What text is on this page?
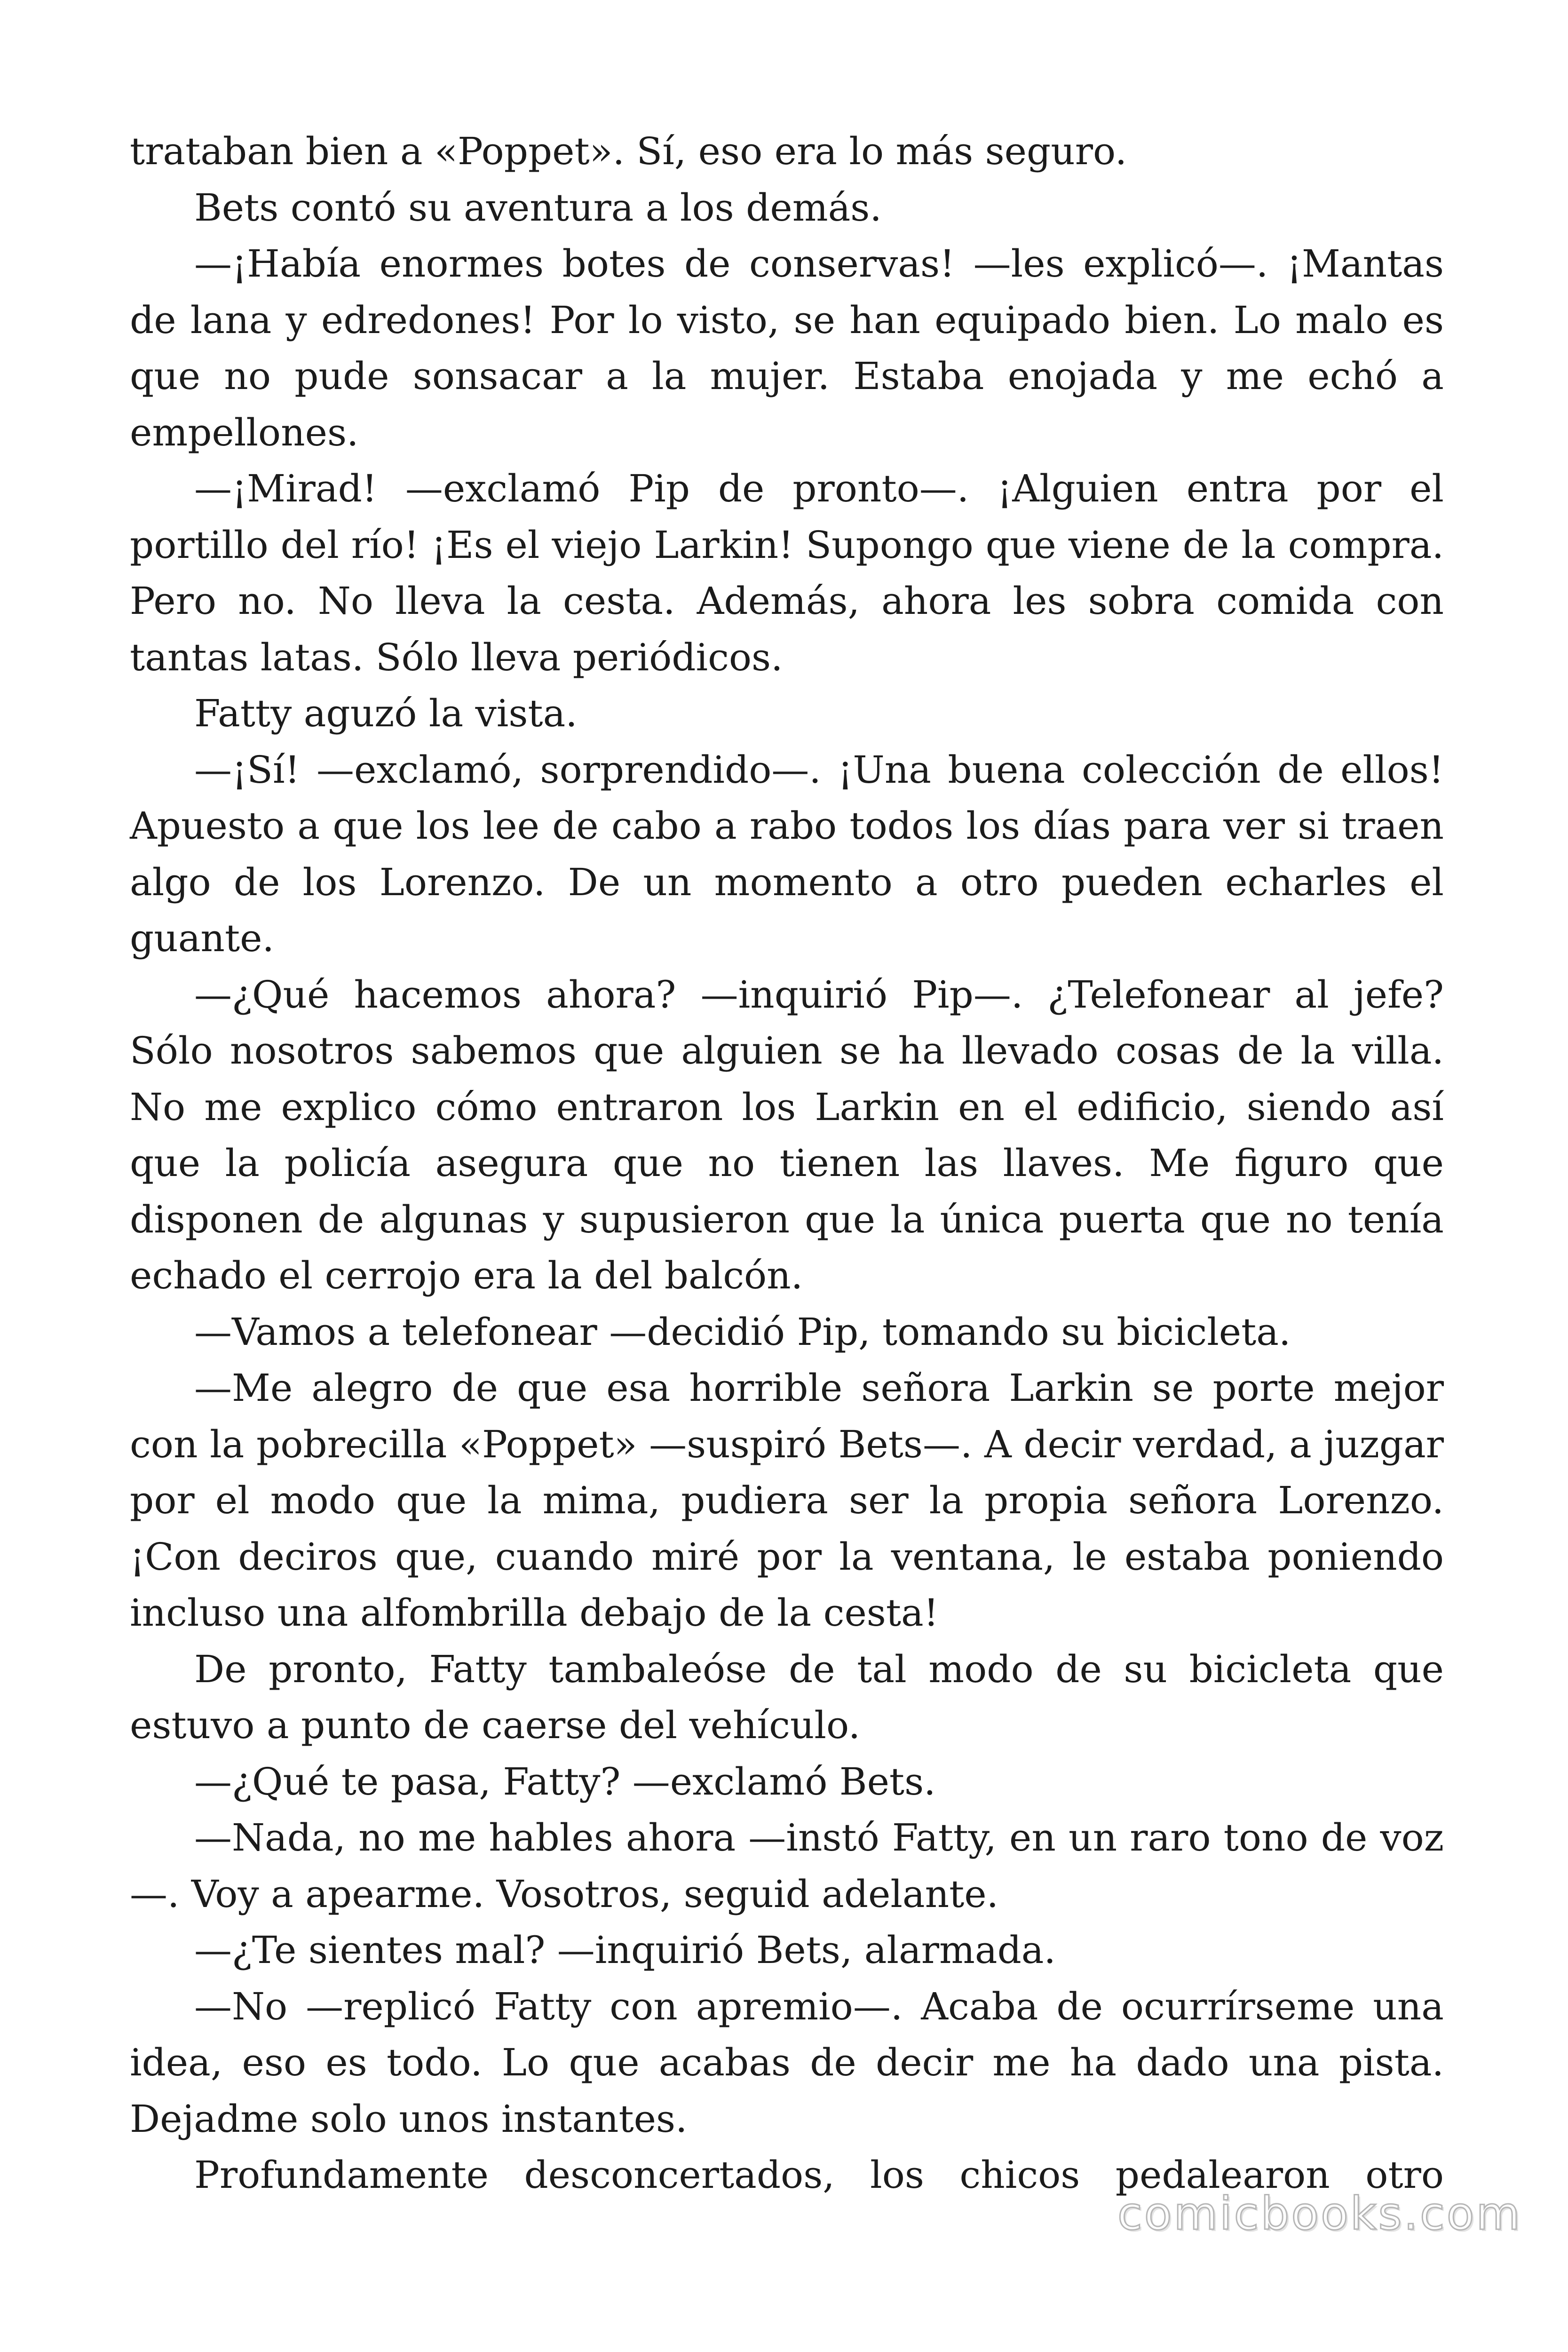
trataban bien a «Poppet». Sí, eso era lo más seguro.

Bets contó su aventura a los demás.

—¡Había enormes botes de conservas! —les explicó—. ¡Mantas de lana y edredones! Por lo visto, se han equipado bien. Lo malo es que no pude sonsacar a la mujer. Estaba enojada y me echó a empellones.

—¡Mirad! —exclamó Pip de pronto—. ¡Alguien entra por el portillo del río! ¡Es el viejo Larkin! Supongo que viene de la compra. Pero no. No lleva la cesta. Además, ahora les sobra comida con tantas latas. Sólo lleva periódicos.

Fatty aguzó la vista.

—¡Sí! —exclamó, sorprendido—. ¡Una buena colección de ellos! Apuesto a que los lee de cabo a rabo todos los días para ver si traen algo de los Lorenzo. De un momento a otro pueden echarles el guante.

—¿Qué hacemos ahora? —inquirió Pip—. ¿Telefonear al jefe? Sólo nosotros sabemos que alguien se ha llevado cosas de la villa. No me explico cómo entraron los Larkin en el edificio, siendo así que la policía asegura que no tienen las llaves. Me figuro que disponen de algunas y supusieron que la única puerta que no tenía echado el cerrojo era la del balcón.

—Vamos a telefonear —decidió Pip, tomando su bicicleta.

—Me alegro de que esa horrible señora Larkin se porte mejor con la pobrecilla «Poppet» —suspiró Bets—. A decir verdad, a juzgar por el modo que la mima, pudiera ser la propia señora Lorenzo. ¡Con deciros que, cuando miré por la ventana, le estaba poniendo incluso una alfombrilla debajo de la cesta!

De pronto, Fatty tambaleóse de tal modo de su bicicleta que estuvo a punto de caerse del vehículo.

—¿Qué te pasa, Fatty? —exclamó Bets.

—Nada, no me hables ahora —instó Fatty, en un raro tono de voz—. Voy a apearme. Vosotros, seguid adelante.

—¿Te sientes mal? —inquirió Bets, alarmada.

—No —replicó Fatty con apremio—. Acaba de ocurrírseme una idea, eso es todo. Lo que acabas de decir me ha dado una pista. Dejadme solo unos instantes.

Profundamente desconcertados, los chicos pedalearon otro

comicbooks.com
